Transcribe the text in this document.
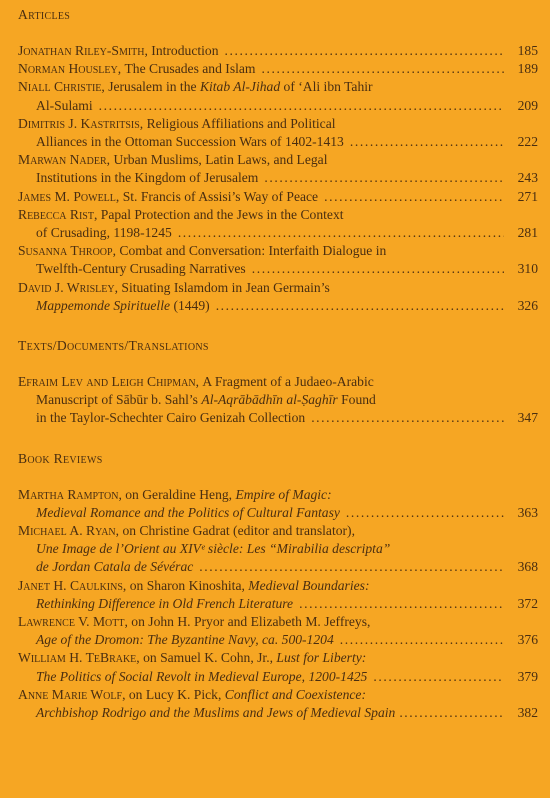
Articles
Jonathan Riley-Smith , Introduction .....	185
Norman Housley , The Crusades and Islam .....	189
Niall Christie , Jerusalem in the
Kitab Al-Jihad
of ‘Ali ibn Tahir
Al-Sulami .....	209
Dimitris J. Kastritsis , Religious Affiliations and Political
Alliances in the Ottoman Succession Wars of 1402-1413 .....	222
Marwan Nader , Urban Muslims, Latin Laws, and Legal
Institutions in the Kingdom of Jerusalem .....	243
James M. Powell , St. Francis of Assisi’s Way of Peace .....	271
Rebecca Rist , Papal Protection and the Jews in the Context
of Crusading, 1198-1245 .....	281
Susanna Throop , Combat and Conversation: Interfaith Dialogue in
Twelfth-Century Crusading Narratives .....	310
David J. Wrisley , Situating Islamdom in Jean Germain’s
Mappemonde Spirituelle
(1449) .....	326
Texts/Documents/Translations
Efraim Lev and Leigh Chipman , A Fragment of a Judaeo-Arabic
Manuscript of Sābūr b. Sahl’s
Al-Aqrābādhīn al-Ṣaghīr
Found
in the Taylor-Schechter Cairo Genizah Collection .....	347
Book Reviews
Martha Rampton , on Geraldine Heng,
Empire of Magic:
Medieval Romance and the Politics of Cultural Fantasy .....	363
Michael A. Ryan , on Christine Gadrat (editor and translator),
Une Image de l’Orient au XIVᵉ siècle: Les “Mirabilia descripta”
de Jordan Catala de Sévérac .....	368
Janet H. Caulkins , on Sharon Kinoshita,
Medieval Boundaries:
Rethinking Difference in Old French Literature .....	372
Lawrence V. Mott , on John H. Pryor and Elizabeth M. Jeffreys,
Age of the Dromon: The Byzantine Navy, ca. 500-1204 .....	376
William H. TeBrake , on Samuel K. Cohn, Jr.,
Lust for Liberty:
The Politics of Social Revolt in Medieval Europe, 1200-1425 .....	379
Anne Marie Wolf , on Lucy K. Pick,
Conflict and Coexistence:
Archbishop Rodrigo and the Muslims and Jews of Medieval Spain .....	382
